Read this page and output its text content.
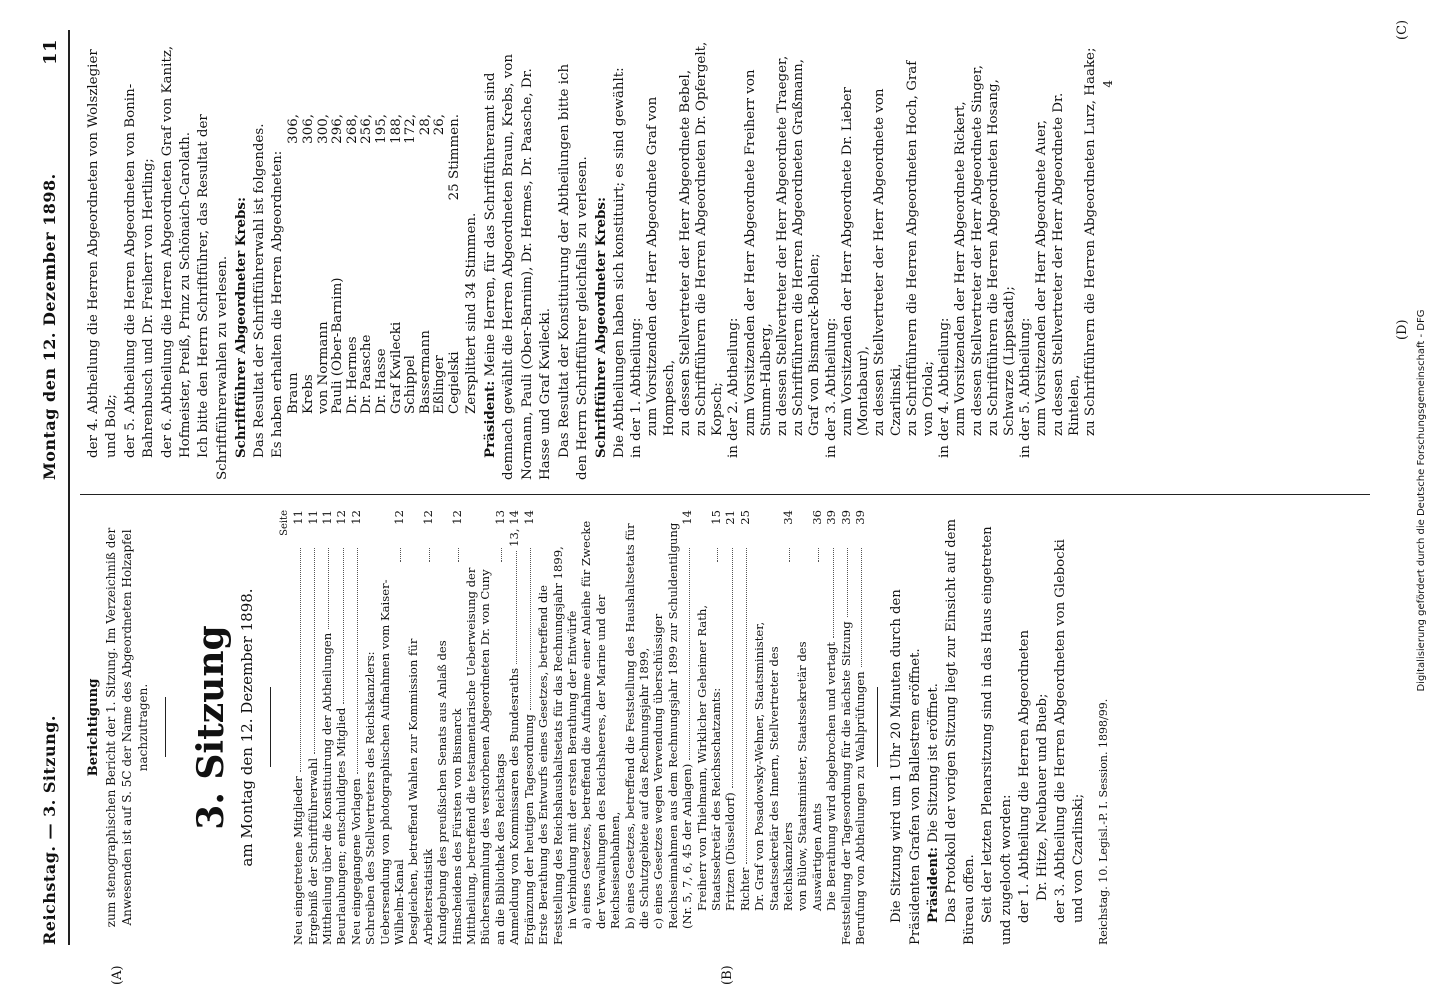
Reichstag. — 3. Sitzung.
Montag den 12. Dezember 1898.
11
(A)	(B)
(C)
(D)
Berichtigung zum stenographischen Bericht der 1. Sitzung. Im Verzeichniß der Anwesenden ist auf S. 5C der Name des Abgeordneten Holzapfel nachzutragen. 3. Sitzung am Montag den 12. Dezember 1898.
Seite
Neu eingetretene Mitglieder
11
Ergebniß der Schriftführerwahl
11
Mittheilung über die Konstituirung der Abtheilungen
11
Beurlaubungen; entschuldigtes Mitglied
12
Neu eingegangene Vorlagen
12
Schreiben des Stellvertreters des Reichskanzlers: Uebersendung von photographischen Aufnahmen vom Kaiser-Wilhelm-Kanal
12
Desgleichen, betreffend Wahlen zur Kommission für Arbeiterstatistik
12
Kundgebung des preußischen Senats aus Anlaß des Hinscheidens des Fürsten von Bismarck
12
Mittheilung, betreffend die testamentarische Ueberweisung der Büchersammlung des verstorbenen Abgeordneten Dr. von Cuny an die Bibliothek des Reichstags
13
Anmeldung von Kommissaren des Bundesraths
13, 14
Ergänzung der heutigen Tagesordnung
14
Erste Berathung des Entwurfs eines Gesetzes, betreffend die Feststellung des Reichshaushaltsetats für das Rechnungsjahr 1899, in Verbindung mit der ersten Berathung der Entwürfe a) eines Gesetzes, betreffend die Aufnahme einer Anleihe für Zwecke der Verwaltungen des Reichsheeres, der Marine und der Reichseisenbahnen, b) eines Gesetzes, betreffend die Feststellung des Haushaltsetats für die Schutzgebiete auf das Rechnungsjahr 1899, c) eines Gesetzes wegen Verwendung überschüssiger Reichseinnahmen aus dem Rechnungsjahr 1899 zur Schuldentilgung (Nr. 5, 7, 6, 45 der Anlagen)
14
Freiherr von Thielmann, Wirklicher Geheimer Rath, Staatssekretär des Reichsschatzamts:
15
Fritzen (Düsseldorf)
21
Richter
25
Dr. Graf von Posadowsky-Wehner, Staatsminister, Staatssekretär des Innern, Stellvertreter des Reichskanzlers
34
von Bülow, Staatsminister, Staatssekretär des Auswärtigen Amts
36
Die Berathung wird abgebrochen und vertagt
39
Feststellung der Tagesordnung für die nächste Sitzung
39
Berufung von Abtheilungen zu Wahlprüfungen
39

Die Sitzung wird um 1 Uhr 20 Minuten durch den Präsidenten Grafen von Ballestrem eröffnet. Präsident: Die Sitzung ist eröffnet. Das Protokoll der vorigen Sitzung liegt zur Einsicht auf dem Büreau offen. Seit der letzten Plenarsitzung sind in das Haus eingetreten und zugelooft worden: der 1. Abtheilung die Herren Abgeordneten Dr. Hitze, Neubauer und Bueb; der 3. Abtheilung die Herren Abgeordneten von Glebocki und von Czarlinski; Reichstag. 10. Legisl.-P. I. Session. 1898/99.

der 4. Abtheilung die Herren Abgeordneten von Wolszlegier und Bolz; der 5. Abtheilung die Herren Abgeordneten von Bonin-Bahrenbusch und Dr. Freiherr von Hertling; der 6. Abtheilung die Herren Abgeordneten Graf von Kanitz, Hofmeister, Preiß, Prinz zu Schönaich-Carolath. Ich bitte den Herrn Schriftführer, das Resultat der Schriftführerwahlen zu verlesen. Schriftführer Abgeordneter Krebs: Das Resultat der Schriftführerwahl ist folgendes. Es haben erhalten die Herren Abgeordneten: Braun
306,
Krebs
306,
von Normann
300,
Pauli (Ober-Barnim)
296,
Dr. Hermes
268,
Dr. Paasche
256,
Dr. Hasse
195,
Graf Kwilecki
188,
Schippel
172,
Bassermann
28,
Eßlinger
26,
Cegielski
25 Stimmen.

Zersplittert sind 34 Stimmen.

Präsident: Meine Herren, für das Schriftführeramt sind demnach gewählt die Herren Abgeordneten Braun, Krebs, von Normann, Pauli (Ober-Barnim), Dr. Hermes, Dr. Paasche, Dr. Hasse und Graf Kwilecki. Das Resultat der Konstituirung der Abtheilungen bitte ich den Herrn Schriftführer gleichfalls zu verlesen. Schriftführer Abgeordneter Krebs: Die Abtheilungen haben sich konstituirt; es sind gewählt: in der 1. Abtheilung: zum Vorsitzenden der Herr Abgeordnete Graf von Hompesch, zu dessen Stellvertreter der Herr Abgeordnete Bebel, zu Schriftführern die Herren Abgeordneten Dr. Opfergelt, Kopsch; in der 2. Abtheilung: zum Vorsitzenden der Herr Abgeordnete Freiherr von Stumm-Halberg, zu dessen Stellvertreter der Herr Abgeordnete Traeger, zu Schriftführern die Herren Abgeordneten Graßmann, Graf von Bismarck-Bohlen; in der 3. Abtheilung: zum Vorsitzenden der Herr Abgeordnete Dr. Lieber (Montabaur), zu dessen Stellvertreter der Herr Abgeordnete von Czarlinski, zu Schriftführern die Herren Abgeordneten Hoch, Graf von Oriola; in der 4. Abtheilung: zum Vorsitzenden der Herr Abgeordnete Rickert, zu dessen Stellvertreter der Herr Abgeordnete Singer, zu Schriftführern die Herren Abgeordneten Hosang, Schwarze (Lippstadt); in der 5. Abtheilung: zum Vorsitzenden der Herr Abgeordnete Auer, zu dessen Stellvertreter der Herr Abgeordnete Dr. Rintelen, zu Schriftführern die Herren Abgeordneten Lurz, Haake; 4
Digitalisierung gefördert durch die Deutsche Forschungsgemeinschaft - DFG
